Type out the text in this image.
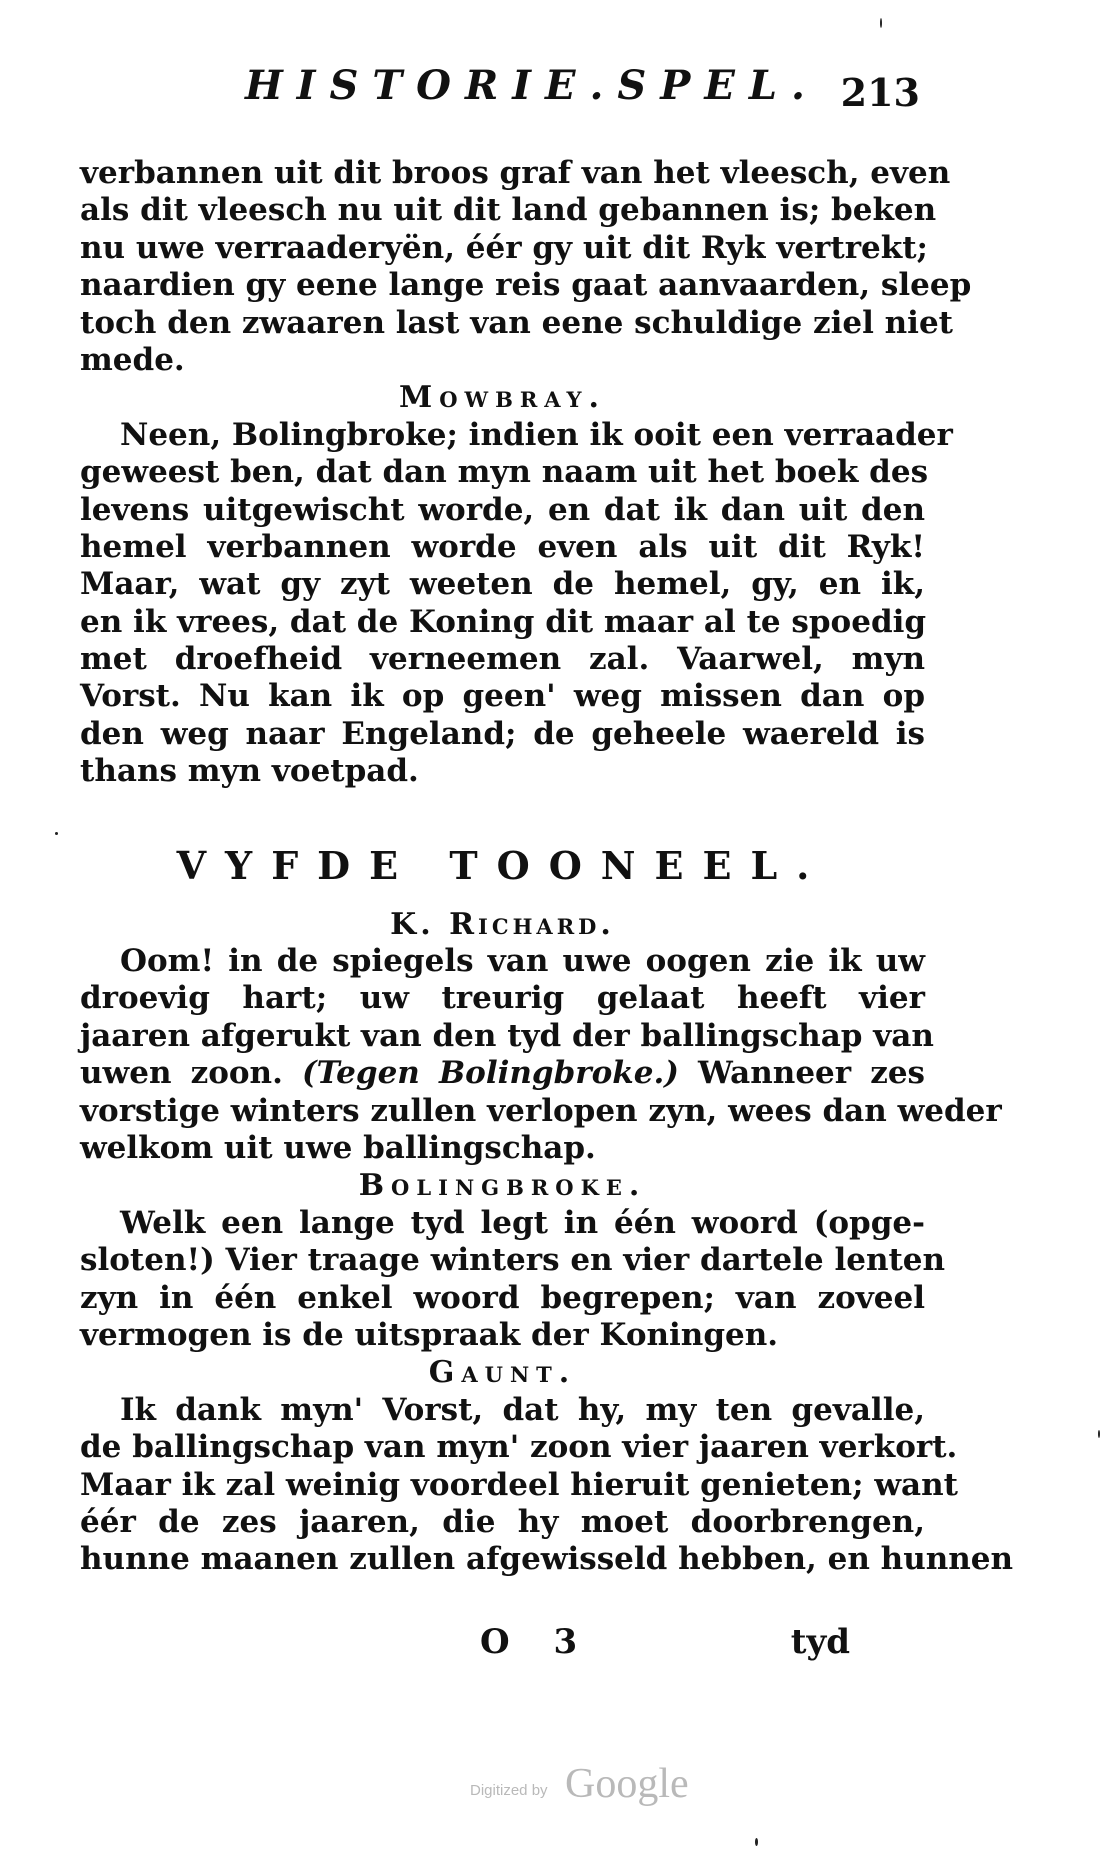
HISTORIE.SPEL. 213
verbannen uit dit broos graf van het vleesch, even
als dit vleesch nu uit dit land gebannen is; beken
nu uwe verraaderyën, éér gy uit dit Ryk vertrekt;
naardien gy eene lange reis gaat aanvaarden, sleep
toch den zwaaren last van eene schuldige ziel niet
mede.
Mowbray.
Neen, Bolingbroke; indien ik ooit een verraader
geweest ben, dat dan myn naam uit het boek des
levens uitgewischt worde, en dat ik dan uit den
hemel verbannen worde even als uit dit Ryk!
Maar, wat gy zyt weeten de hemel, gy, en ik,
en ik vrees, dat de Koning dit maar al te spoedig
met droefheid verneemen zal. Vaarwel, myn
Vorst. Nu kan ik op geen' weg missen dan op
den weg naar Engeland; de geheele waereld is
thans myn voetpad.
VYFDE TOONEEL.
K. Richard.
Oom! in de spiegels van uwe oogen zie ik uw
droevig hart; uw treurig gelaat heeft vier
jaaren afgerukt van den tyd der ballingschap van
uwen zoon. (Tegen Bolingbroke.) Wanneer zes
vorstige winters zullen verlopen zyn, wees dan weder
welkom uit uwe ballingschap.
Bolingbroke.
Welk een lange tyd legt in één woord (opge-
sloten!) Vier traage winters en vier dartele lenten
zyn in één enkel woord begrepen; van zoveel
vermogen is de uitspraak der Koningen.
Gaunt.
Ik dank myn' Vorst, dat hy, my ten gevalle,
de ballingschap van myn' zoon vier jaaren verkort.
Maar ik zal weinig voordeel hieruit genieten; want
éér de zes jaaren, die hy moet doorbrengen,
hunne maanen zullen afgewisseld hebben, en hunnen
O 3	tyd
Digitized by Google
